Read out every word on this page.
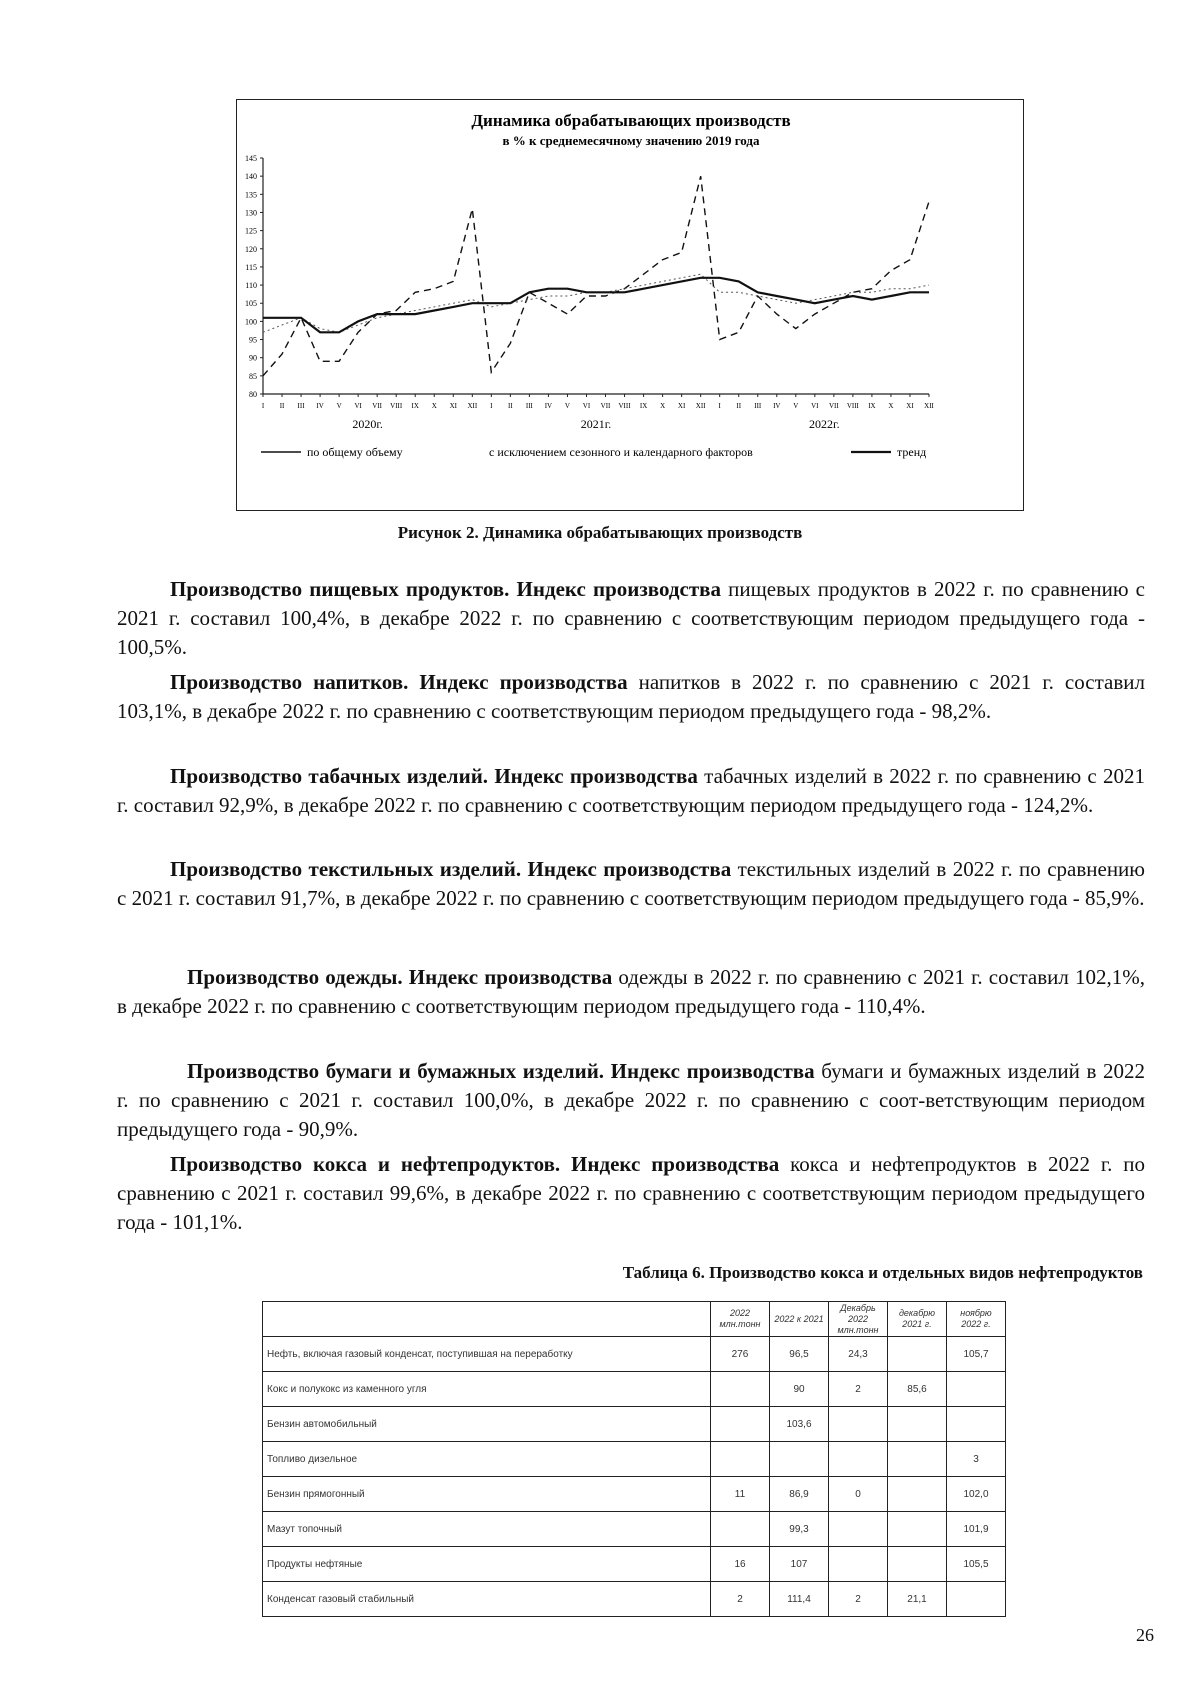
Динамика обрабатывающих производств
в % к среднемесячному значению 2019 года
80
85
90
95
100
105
110
115
120
125
130
135
140
145
I II III IV V VI VII VIII IX X XI XII I II III IV V VI VII VIII IX X XI XII I II III IV V VI VII VIII IX X XI XII
2020г.	2021г.	2022г.
по общему объему	с исключением сезонного и календарного факторов	тренд
Рисунок 2. Динамика обрабатывающих производств

Производство пищевых продуктов. Индекс производства пищевых продуктов в 2022 г. по сравнению с 2021 г. составил 100,4%, в декабре 2022 г. по сравнению с соответствующим периодом предыдущего года - 100,5%.

Производство напитков. Индекс производства напитков в 2022 г. по сравнению с 2021 г. составил 103,1%, в декабре 2022 г. по сравнению с соответствующим периодом предыдущего года - 98,2%.

Производство табачных изделий. Индекс производства табачных изделий в 2022 г. по сравнению с 2021 г. составил 92,9%, в декабре 2022 г. по сравнению с соответствующим периодом предыдущего года - 124,2%.

Производство текстильных изделий. Индекс производства текстильных изделий в 2022 г. по сравнению с 2021 г. составил 91,7%, в декабре 2022 г. по сравнению с соответствующим периодом предыдущего года - 85,9%.

Производство одежды. Индекс производства одежды в 2022 г. по сравнению с 2021 г. составил 102,1%, в декабре 2022 г. по сравнению с соответствующим периодом предыдущего года - 110,4%.

Производство бумаги и бумажных изделий. Индекс производства бумаги и бумажных изделий в 2022 г. по сравнению с 2021 г. составил 100,0%, в декабре 2022 г. по сравнению с соот-ветствующим периодом предыдущего года - 90,9%.

Производство кокса и нефтепродуктов. Индекс производства кокса и нефтепродуктов в 2022 г. по сравнению с 2021 г. составил 99,6%, в декабре 2022 г. по сравнению с соответствующим периодом предыдущего года - 101,1%.

Таблица 6. Производство кокса и отдельных видов нефтепродуктов
	2022 млн.тонн	2022 к 2021	Декабрь 2022 млн.тонн	декабрю 2021 г.	ноябрю 2022 г.

Нефть, включая газовый конденсат, поступившая на переработку	276	96,5	24,3		105,7
Кокс и полукокс из каменного угля		90	2	85,6	
Бензин автомобильный		103,6			
Топливо дизельное					3
Бензин прямогонный	11	86,9	0		102,0
Мазут топочный		99,3			101,9
Продукты нефтяные	16	107			105,5
Конденсат газовый стабильный	2	111,4	2	21,1	
26
